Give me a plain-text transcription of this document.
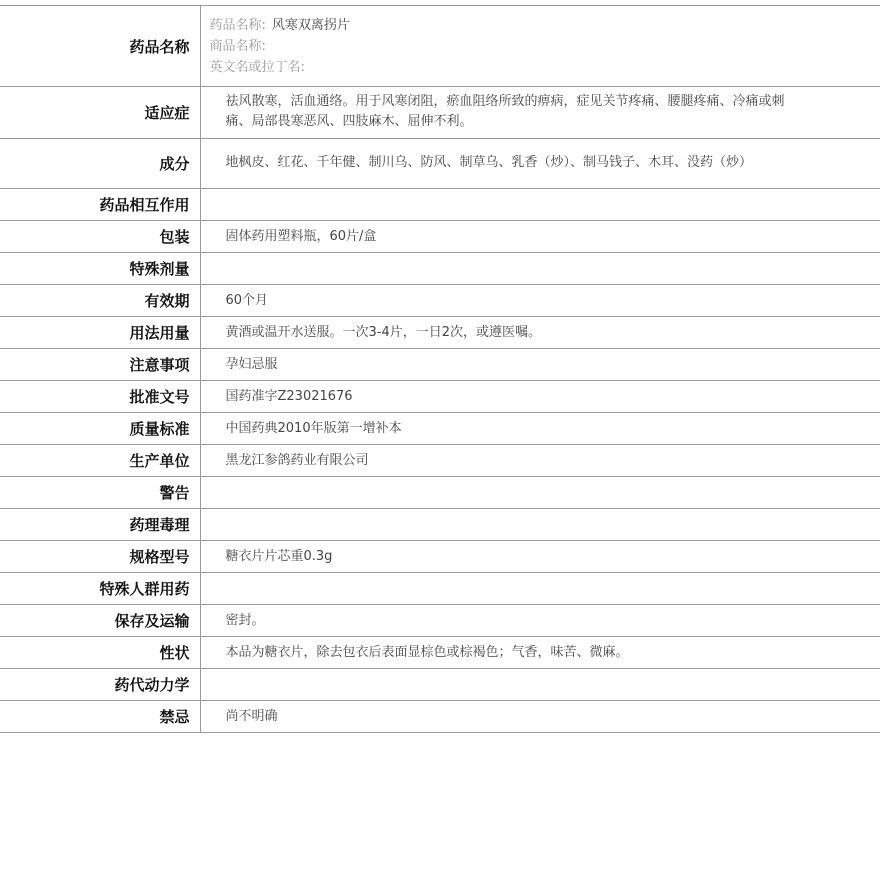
药品名称	药品名称: 风寒双离拐片
商品名称:
英文名或拉丁名:

适应症	祛风散寒，活血通络。用于风寒闭阻，瘀血阻络所致的痹病，症见关节疼痛、腰腿疼痛、冷痛或刺痛、局部畏寒恶风、四肢麻木、屈伸不利。
成分	地枫皮、红花、千年健、制川乌、防风、制草乌、乳香（炒）、制马钱子、木耳、没药（炒）
药品相互作用	
包装	固体药用塑料瓶，60片/盒
特殊剂量	
有效期	60个月
用法用量	黄酒或温开水送服。一次3-4片，一日2次，或遵医嘱。
注意事项	孕妇忌服
批准文号	国药准字Z23021676
质量标准	中国药典2010年版第一增补本
生产单位	黑龙江参鸽药业有限公司
警告	
药理毒理	
规格型号	糖衣片片芯重0.3g
特殊人群用药	
保存及运输	密封。
性状	本品为糖衣片，除去包衣后表面显棕色或棕褐色；气香，味苦、微麻。
药代动力学	
禁忌	尚不明确
